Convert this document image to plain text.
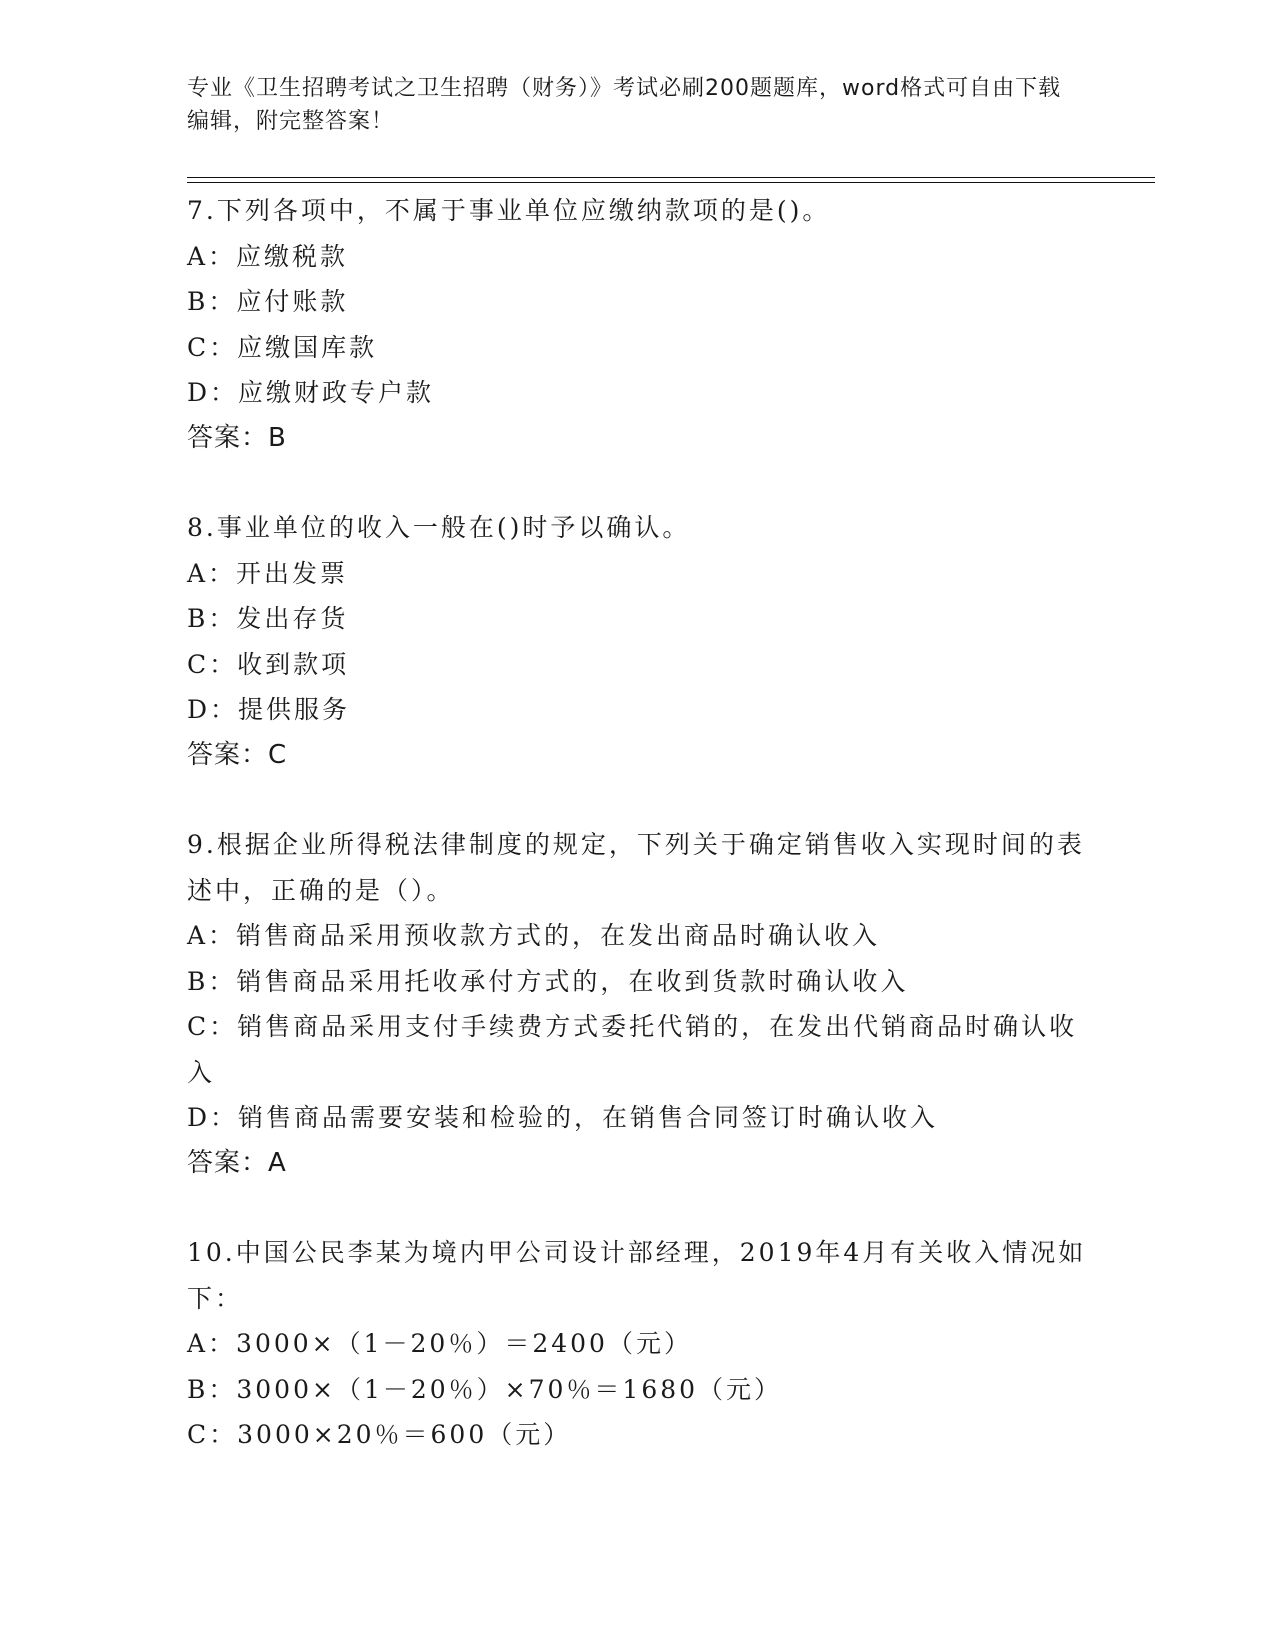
专业《卫生招聘考试之卫生招聘（财务）》考试必刷200题题库，word格式可自由下载编辑，附完整答案！
7.下列各项中，不属于事业单位应缴纳款项的是()。
A：应缴税款
B：应付账款
C：应缴国库款
D：应缴财政专户款
答案：B
8.事业单位的收入一般在()时予以确认。
A：开出发票
B：发出存货
C：收到款项
D：提供服务
答案：C
9.根据企业所得税法律制度的规定，下列关于确定销售收入实现时间的表述中，正确的是（）。
A：销售商品采用预收款方式的，在发出商品时确认收入
B：销售商品采用托收承付方式的，在收到货款时确认收入
C：销售商品采用支付手续费方式委托代销的，在发出代销商品时确认收入
D：销售商品需要安装和检验的，在销售合同签订时确认收入
答案：A
10.中国公民李某为境内甲公司设计部经理，2019年4月有关收入情况如下：
A：3000×（1－20％）＝2400（元）
B：3000×（1－20％）×70％＝1680（元）
C：3000×20％＝600（元）
